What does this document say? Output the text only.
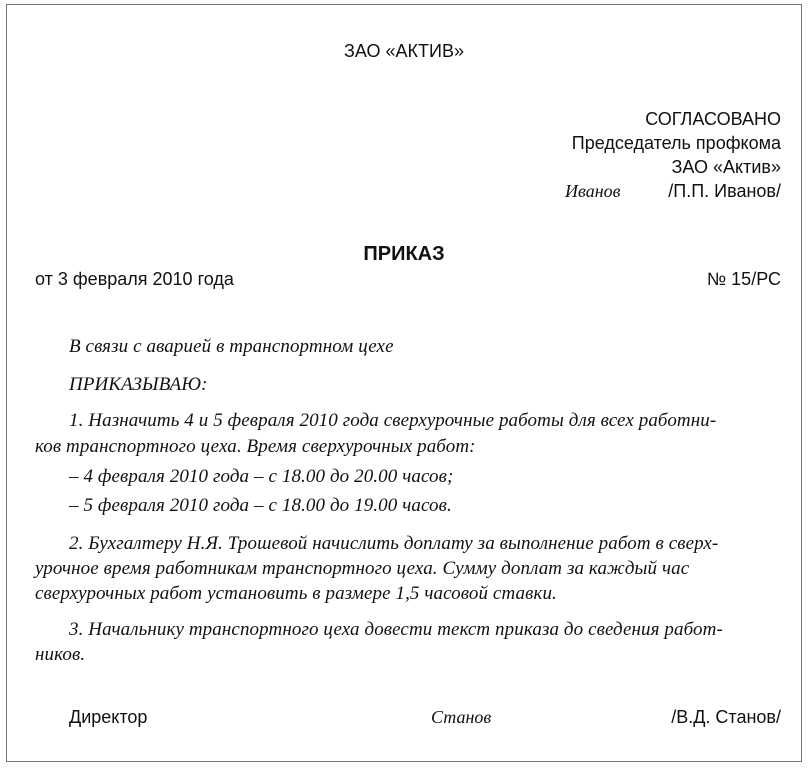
ЗАО «АКТИВ»
СОГЛАСОВАНО
Председатель профкома
ЗАО «Актив»
Иванов	/П.П. Иванов/
ПРИКАЗ
от 3 февраля 2010 года	№ 15/РС
В связи с аварией в транспортном цехе
ПРИКАЗЫВАЮ:
1. Назначить 4 и 5 февраля 2010 года сверхурочные работы для всех работни-
ков транспортного цеха. Время сверхурочных работ:
– 4 февраля 2010 года – с 18.00 до 20.00 часов;
– 5 февраля 2010 года – с 18.00 до 19.00 часов.
2. Бухгалтеру Н.Я. Трошевой начислить доплату за выполнение работ в сверх-
урочное время работникам транспортного цеха. Сумму доплат за каждый час
сверхурочных работ установить в размере 1,5 часовой ставки.
3. Начальнику транспортного цеха довести текст приказа до сведения работ-
ников.
Директор	Станов	/В.Д. Станов/
